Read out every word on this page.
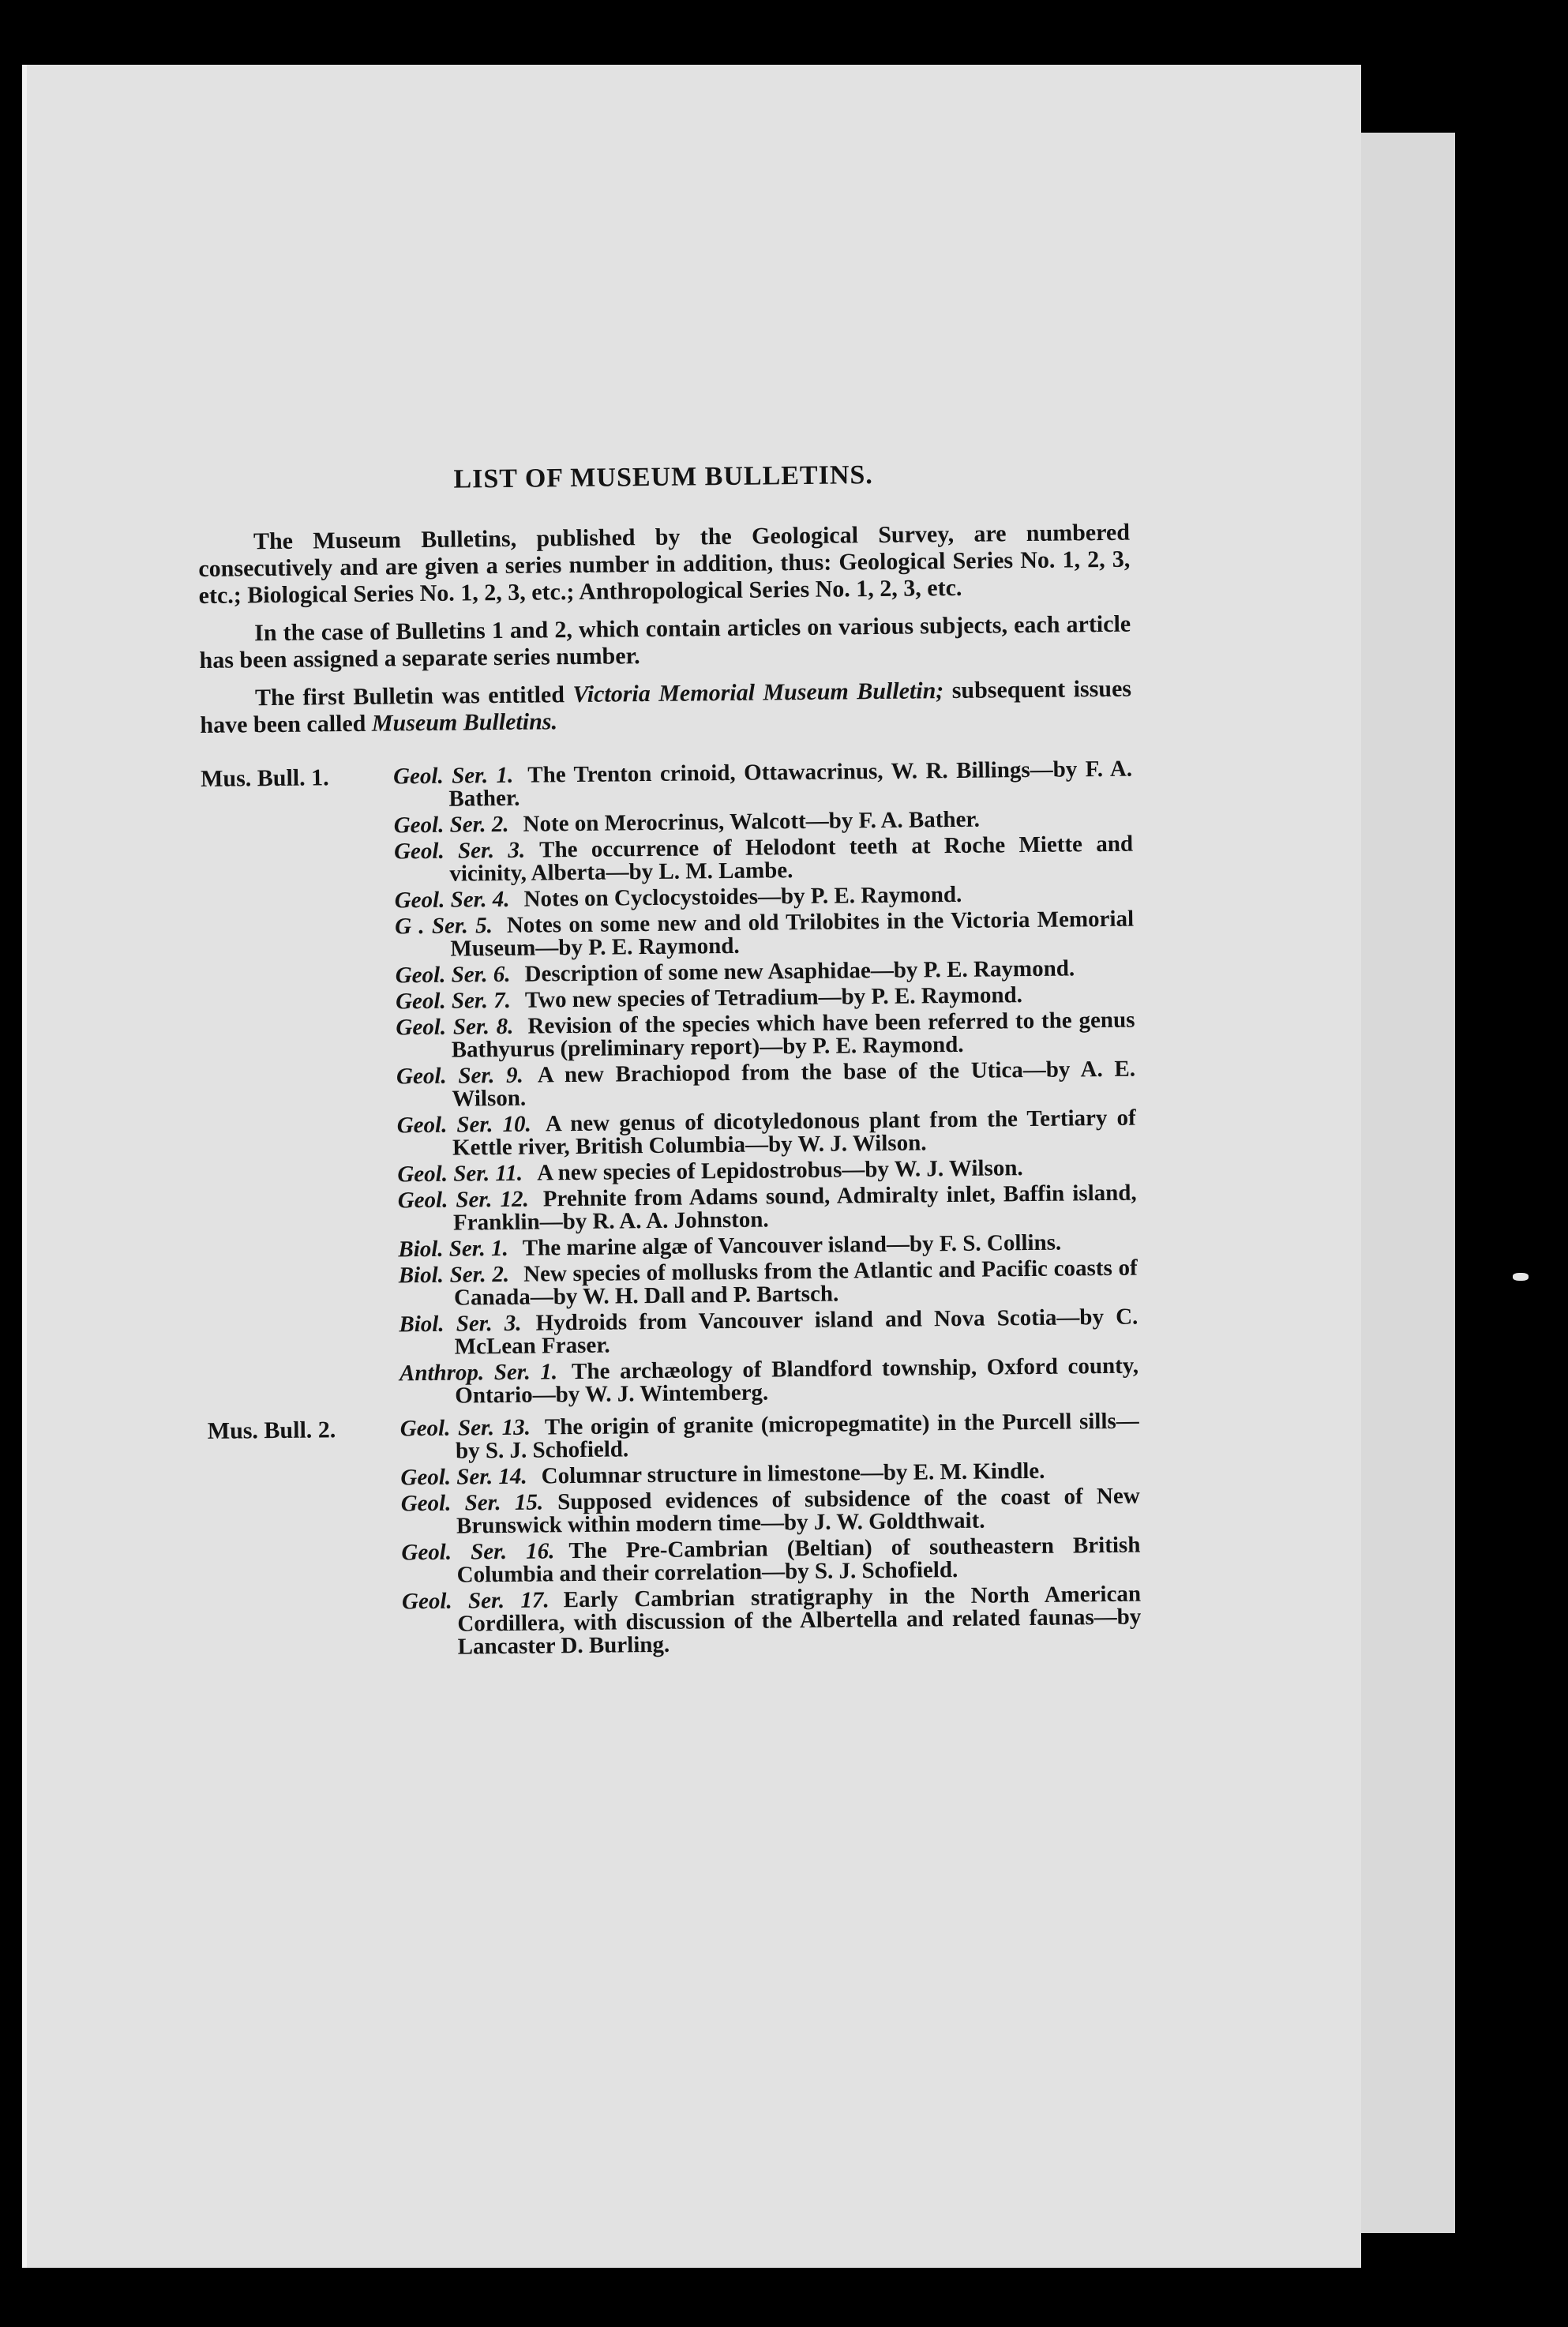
LIST OF MUSEUM BULLETINS.

The Museum Bulletins, published by the Geological Survey, are numbered consecutively and are given a series number in addition, thus: Geological Series No. 1, 2, 3, etc.; Biological Series No. 1, 2, 3, etc.; Anthropological Series No. 1, 2, 3, etc.

In the case of Bulletins 1 and 2, which contain articles on various subjects, each article has been assigned a separate series number.

The first Bulletin was entitled Victoria Memorial Museum Bulletin; subsequent issues have been called Museum Bulletins.

Mus. Bull. 1.	Geol. Ser. 1. The Trenton crinoid, Ottawacrinus, W. R. Billings—by F. A. Bather.
Geol. Ser. 2. Note on Merocrinus, Walcott—by F. A. Bather.
Geol. Ser. 3. The occurrence of Helodont teeth at Roche Miette and vicinity, Alberta—by L. M. Lambe.
Geol. Ser. 4. Notes on Cyclocystoides—by P. E. Raymond.
G . Ser. 5. Notes on some new and old Trilobites in the Victoria Memorial Museum—by P. E. Raymond.
Geol. Ser. 6. Description of some new Asaphidae—by P. E. Raymond.
Geol. Ser. 7. Two new species of Tetradium—by P. E. Raymond.
Geol. Ser. 8. Revision of the species which have been referred to the genus Bathyurus (preliminary report)—by P. E. Raymond.
Geol. Ser. 9. A new Brachiopod from the base of the Utica—by A. E. Wilson.
Geol. Ser. 10. A new genus of dicotyledonous plant from the Tertiary of Kettle river, British Columbia—by W. J. Wilson.
Geol. Ser. 11. A new species of Lepidostrobus—by W. J. Wilson.
Geol. Ser. 12. Prehnite from Adams sound, Admiralty inlet, Baffin island, Franklin—by R. A. A. Johnston.
Biol. Ser. 1. The marine algæ of Vancouver island—by F. S. Collins.
Biol. Ser. 2. New species of mollusks from the Atlantic and Pacific coasts of Canada—by W. H. Dall and P. Bartsch.
Biol. Ser. 3. Hydroids from Vancouver island and Nova Scotia—by C. McLean Fraser.
Anthrop. Ser. 1. The archæology of Blandford township, Oxford county, Ontario—by W. J. Wintemberg.
Mus. Bull. 2.	Geol. Ser. 13. The origin of granite (micropegmatite) in the Purcell sills—by S. J. Schofield.
Geol. Ser. 14. Columnar structure in limestone—by E. M. Kindle.
Geol. Ser. 15. Supposed evidences of subsidence of the coast of New Brunswick within modern time—by J. W. Goldthwait.
Geol. Ser. 16. The Pre-Cambrian (Beltian) of southeastern British Columbia and their correlation—by S. J. Schofield.
Geol. Ser. 17. Early Cambrian stratigraphy in the North American Cordillera, with discussion of the Albertella and related faunas—by Lancaster D. Burling.
